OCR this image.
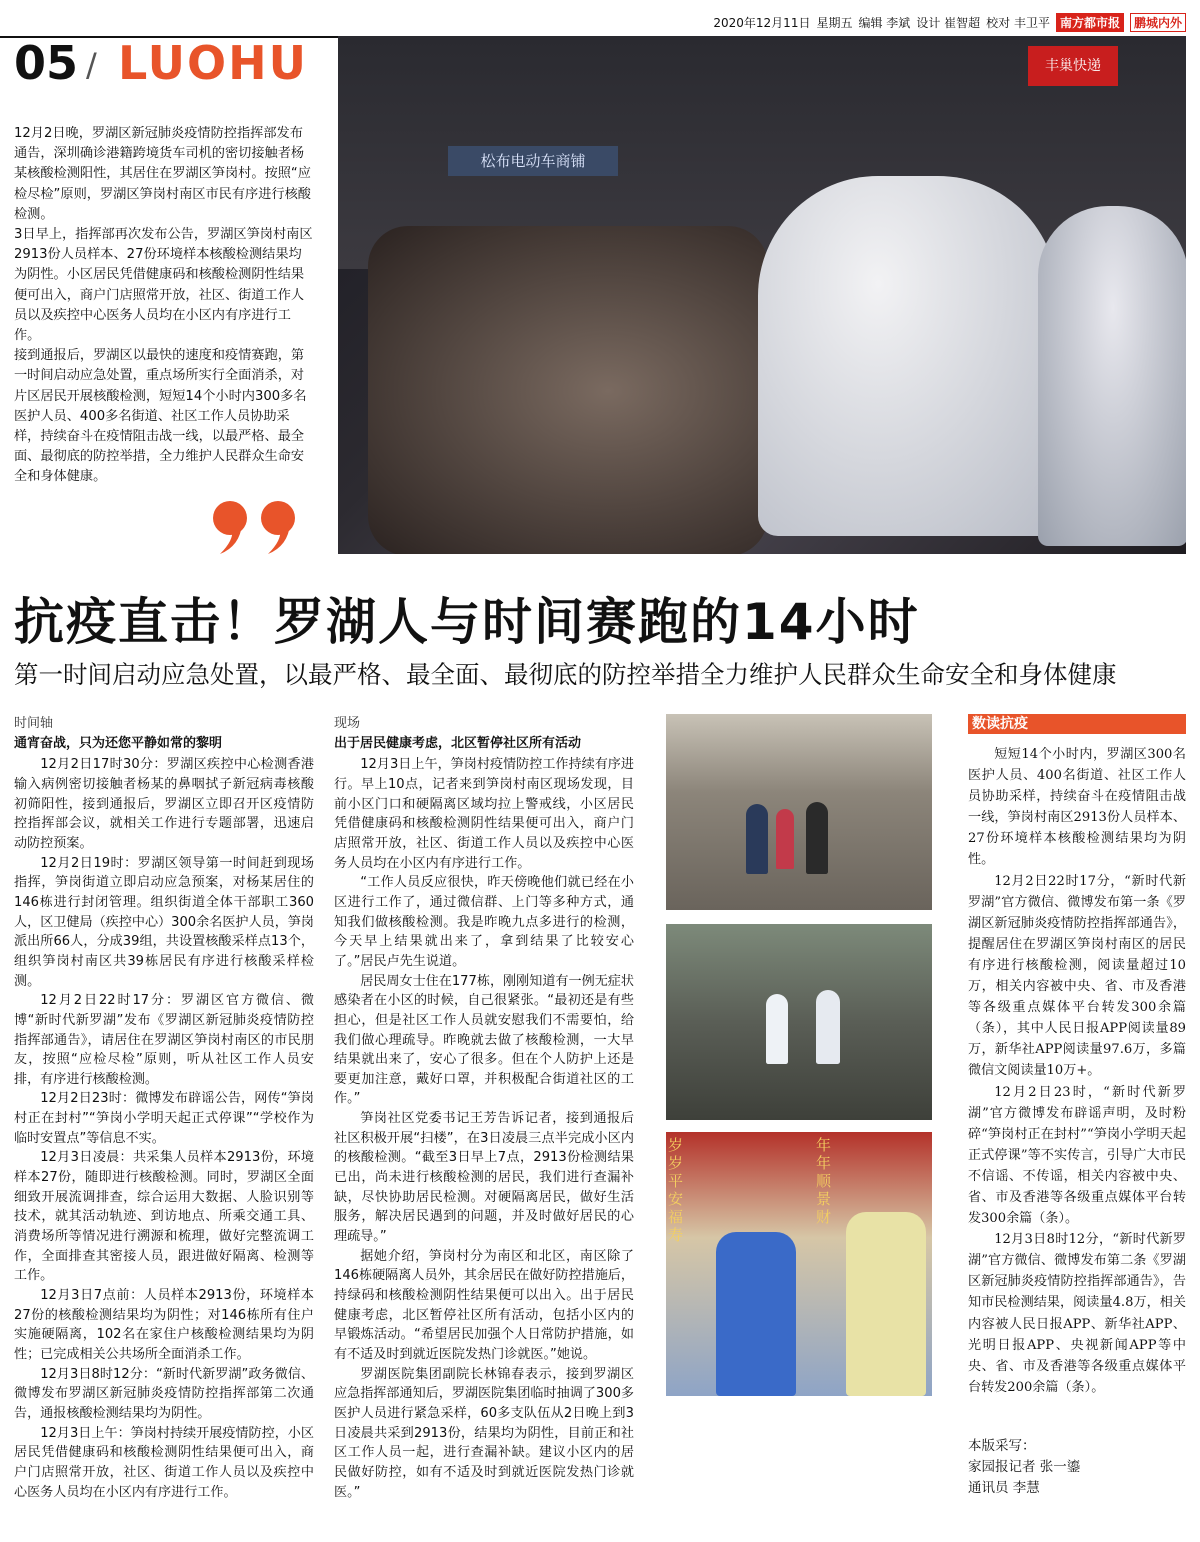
2020年12月11日 星期五 编辑 李斌 设计 崔智超 校对 丰卫平 南方都市报	鹏城内外
05 / LUOHU

12月2日晚，罗湖区新冠肺炎疫情防控指挥部发布通告，深圳确诊港籍跨境货车司机的密切接触者杨某核酸检测阳性，其居住在罗湖区笋岗村。按照“应检尽检”原则，罗湖区笋岗村南区市民有序进行核酸检测。

3日早上，指挥部再次发布公告，罗湖区笋岗村南区2913份人员样本、27份环境样本核酸检测结果均为阴性。小区居民凭借健康码和核酸检测阴性结果便可出入，商户门店照常开放，社区、街道工作人员以及疾控中心医务人员均在小区内有序进行工作。

接到通报后，罗湖区以最快的速度和疫情赛跑，第一时间启动应急处置，重点场所实行全面消杀，对片区居民开展核酸检测，短短14个小时内300多名医护人员、400多名街道、社区工作人员协助采样，持续奋斗在疫情阻击战一线，以最严格、最全面、最彻底的防控举措，全力维护人民群众生命安全和身体健康。

松布电动车商铺
丰巢快递
抗疫直击！罗湖人与时间赛跑的14小时
第一时间启动应急处置，以最严格、最全面、最彻底的防控举措全力维护人民群众生命安全和身体健康
时间轴
通宵奋战，只为还您平静如常的黎明

12月2日17时30分：罗湖区疾控中心检测香港输入病例密切接触者杨某的鼻咽拭子新冠病毒核酸初筛阳性，接到通报后，罗湖区立即召开区疫情防控指挥部会议，就相关工作进行专题部署，迅速启动防控预案。

12月2日19时：罗湖区领导第一时间赶到现场指挥，笋岗街道立即启动应急预案，对杨某居住的146栋进行封闭管理。组织街道全体干部职工360人，区卫健局（疾控中心）300余名医护人员，笋岗派出所66人，分成39组，共设置核酸采样点13个，组织笋岗村南区共39栋居民有序进行核酸采样检测。

12月2日22时17分：罗湖区官方微信、微博“新时代新罗湖”发布《罗湖区新冠肺炎疫情防控指挥部通告》，请居住在罗湖区笋岗村南区的市民朋友，按照“应检尽检”原则，听从社区工作人员安排，有序进行核酸检测。

12月2日23时：微博发布辟谣公告，网传“笋岗村正在封村”“笋岗小学明天起正式停课”“学校作为临时安置点”等信息不实。

12月3日凌晨：共采集人员样本2913份，环境样本27份，随即进行核酸检测。同时，罗湖区全面细致开展流调排查，综合运用大数据、人脸识别等技术，就其活动轨迹、到访地点、所乘交通工具、消费场所等情况进行溯源和梳理，做好完整流调工作，全面排查其密接人员，跟进做好隔离、检测等工作。

12月3日7点前：人员样本2913份，环境样本27份的核酸检测结果均为阴性；对146栋所有住户实施硬隔离，102名在家住户核酸检测结果均为阴性；已完成相关公共场所全面消杀工作。

12月3日8时12分：“新时代新罗湖”政务微信、微博发布罗湖区新冠肺炎疫情防控指挥部第二次通告，通报核酸检测结果均为阴性。

12月3日上午：笋岗村持续开展疫情防控，小区居民凭借健康码和核酸检测阴性结果便可出入，商户门店照常开放，社区、街道工作人员以及疾控中心医务人员均在小区内有序进行工作。

现场
出于居民健康考虑，北区暂停社区所有活动

12月3日上午，笋岗村疫情防控工作持续有序进行。早上10点，记者来到笋岗村南区现场发现，目前小区门口和硬隔离区域均拉上警戒线，小区居民凭借健康码和核酸检测阴性结果便可出入，商户门店照常开放，社区、街道工作人员以及疾控中心医务人员均在小区内有序进行工作。

“工作人员反应很快，昨天傍晚他们就已经在小区进行工作了，通过微信群、上门等多种方式，通知我们做核酸检测。我是昨晚九点多进行的检测，今天早上结果就出来了，拿到结果了比较安心了。”居民卢先生说道。

居民周女士住在177栋，刚刚知道有一例无症状感染者在小区的时候，自己很紧张。“最初还是有些担心，但是社区工作人员就安慰我们不需要怕，给我们做心理疏导。昨晚就去做了核酸检测，一大早结果就出来了，安心了很多。但在个人防护上还是要更加注意，戴好口罩，并积极配合街道社区的工作。”

笋岗社区党委书记王芳告诉记者，接到通报后社区积极开展“扫楼”，在3日凌晨三点半完成小区内的核酸检测。“截至3日早上7点，2913份检测结果已出，尚未进行核酸检测的居民，我们进行查漏补缺，尽快协助居民检测。对硬隔离居民，做好生活服务，解决居民遇到的问题，并及时做好居民的心理疏导。”

据她介绍，笋岗村分为南区和北区，南区除了146栋硬隔离人员外，其余居民在做好防控措施后，持绿码和核酸检测阴性结果便可以出入。出于居民健康考虑，北区暂停社区所有活动，包括小区内的早锻炼活动。“希望居民加强个人日常防护措施，如有不适及时到就近医院发热门诊就医。”她说。

罗湖医院集团副院长林锦春表示，接到罗湖区应急指挥部通知后，罗湖医院集团临时抽调了300多医护人员进行紧急采样，60多支队伍从2日晚上到3日凌晨共采到2913份，结果均为阴性，目前正和社区工作人员一起，进行查漏补缺。建议小区内的居民做好防控，如有不适及时到就近医院发热门诊就医。”

岁岁平安福寿
年年顺景财
数读抗疫

短短14个小时内，罗湖区300名医护人员、400名街道、社区工作人员协助采样，持续奋斗在疫情阻击战一线，笋岗村南区2913份人员样本、27份环境样本核酸检测结果均为阴性。

12月2日22时17分，“新时代新罗湖”官方微信、微博发布第一条《罗湖区新冠肺炎疫情防控指挥部通告》，提醒居住在罗湖区笋岗村南区的居民有序进行核酸检测，阅读量超过10万，相关内容被中央、省、市及香港等各级重点媒体平台转发300余篇（条），其中人民日报APP阅读量89万，新华社APP阅读量97.6万，多篇微信文阅读量10万+。

12月2日23时，“新时代新罗湖”官方微博发布辟谣声明，及时粉碎“笋岗村正在封村”“笋岗小学明天起正式停课”等不实传言，引导广大市民不信谣、不传谣，相关内容被中央、省、市及香港等各级重点媒体平台转发300余篇（条）。

12月3日8时12分，“新时代新罗湖”官方微信、微博发布第二条《罗湖区新冠肺炎疫情防控指挥部通告》，告知市民检测结果，阅读量4.8万，相关内容被人民日报APP、新华社APP、光明日报APP、央视新闻APP等中央、省、市及香港等各级重点媒体平台转发200余篇（条）。

本版采写：
家园报记者 张一鎏
通讯员 李慧
